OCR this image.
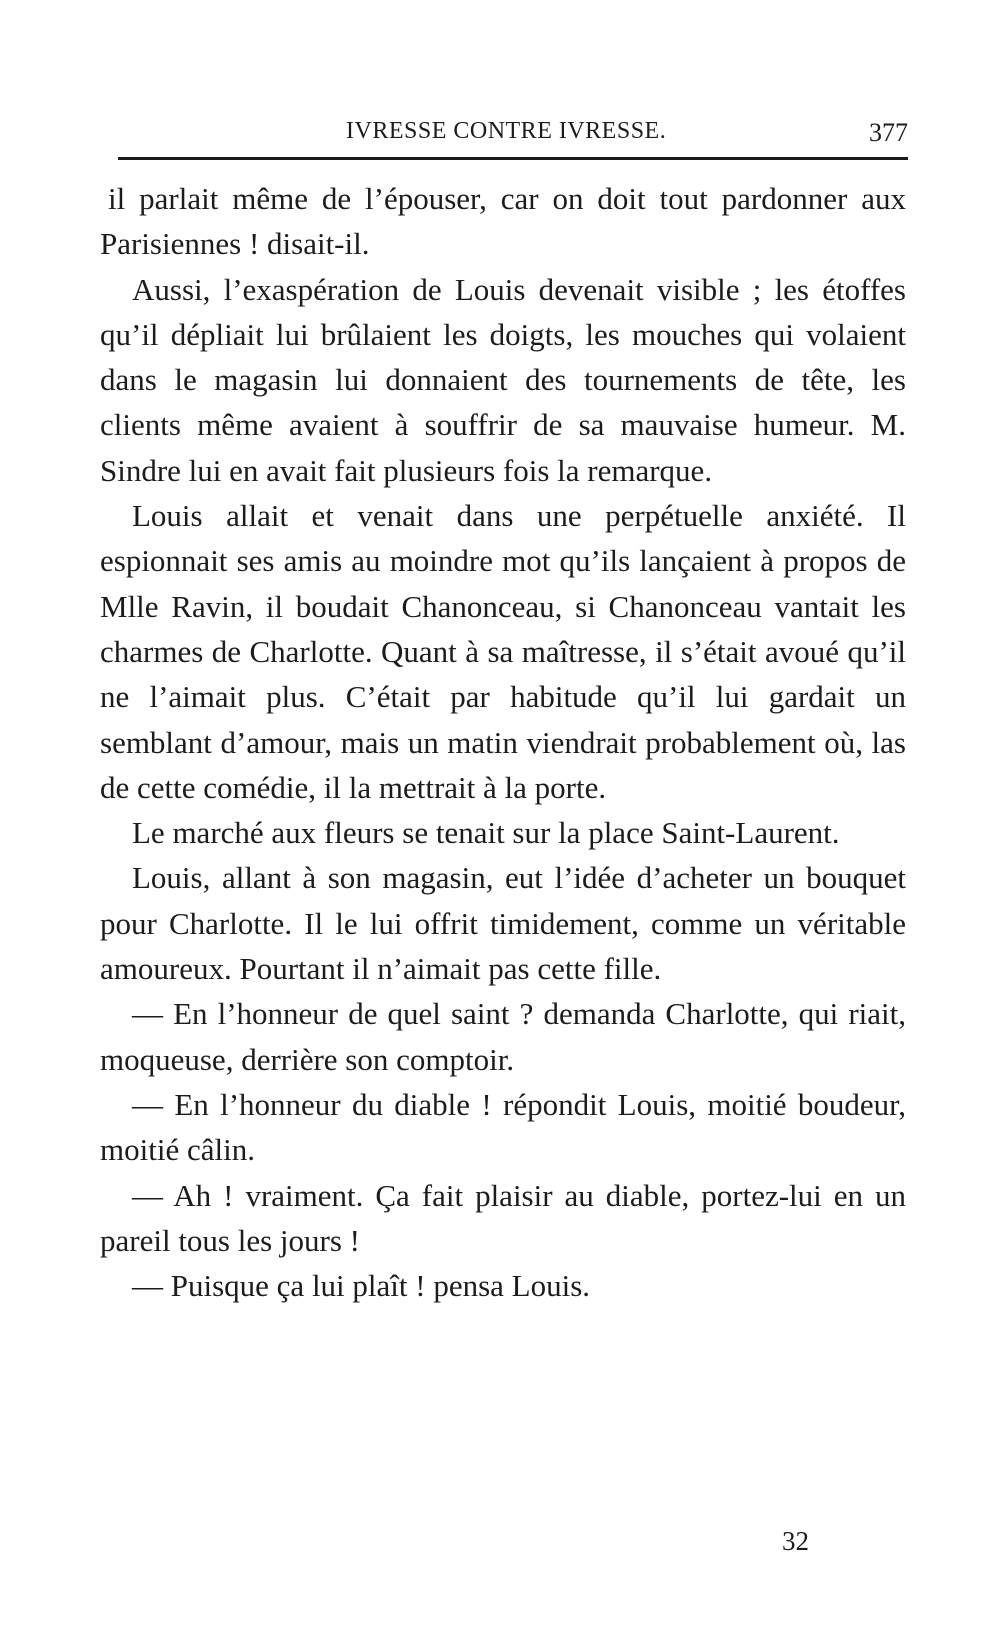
IVRESSE CONTRE IVRESSE.	377

il parlait même de l’épouser, car on doit tout pardonner aux Parisiennes ! disait-il.

Aussi, l’exaspération de Louis devenait visible ; les étoffes qu’il dépliait lui brûlaient les doigts, les mouches qui volaient dans le magasin lui donnaient des tournements de tête, les clients même avaient à souffrir de sa mauvaise humeur. M. Sindre lui en avait fait plusieurs fois la remarque.

Louis allait et venait dans une perpétuelle anxiété. Il espionnait ses amis au moindre mot qu’ils lançaient à propos de Mlle Ravin, il boudait Chanonceau, si Chanonceau vantait les charmes de Charlotte. Quant à sa maîtresse, il s’était avoué qu’il ne l’aimait plus. C’était par habitude qu’il lui gardait un semblant d’amour, mais un matin viendrait probablement où, las de cette comédie, il la mettrait à la porte.

Le marché aux fleurs se tenait sur la place Saint-Laurent.

Louis, allant à son magasin, eut l’idée d’acheter un bouquet pour Charlotte. Il le lui offrit timidement, comme un véritable amoureux. Pourtant il n’aimait pas cette fille.

— En l’honneur de quel saint ? demanda Charlotte, qui riait, moqueuse, derrière son comptoir.

— En l’honneur du diable ! répondit Louis, moitié boudeur, moitié câlin.

— Ah ! vraiment. Ça fait plaisir au diable, portez-lui en un pareil tous les jours !

— Puisque ça lui plaît ! pensa Louis.

32
